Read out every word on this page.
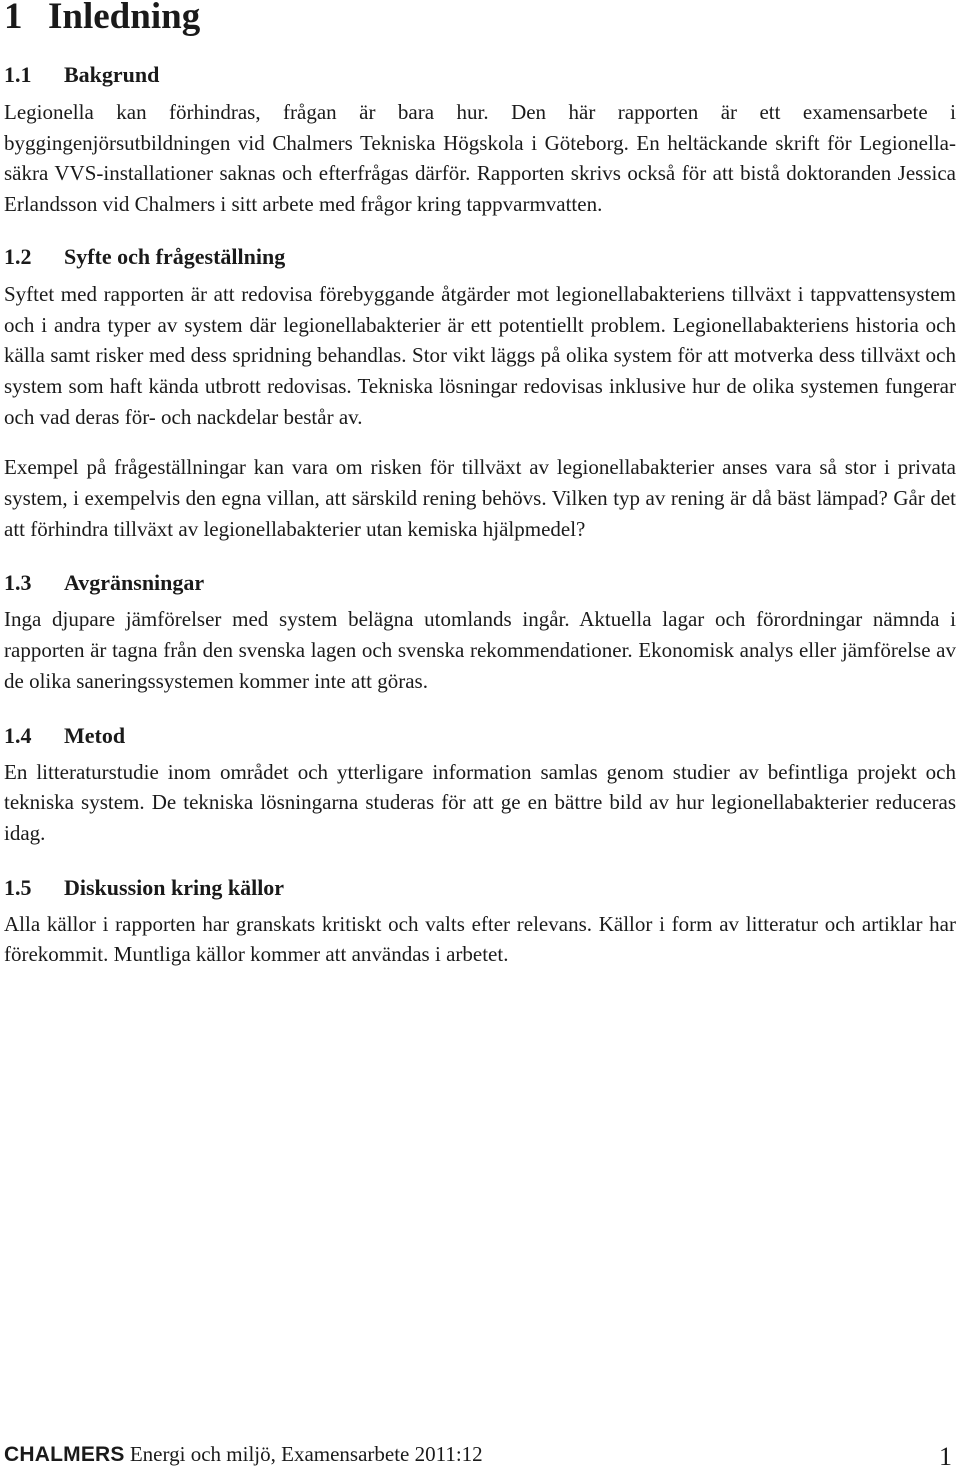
1 Inledning
1.1 Bakgrund

Legionella kan förhindras, frågan är bara hur. Den här rapporten är ett examensarbete i byggingenjörsutbildningen vid Chalmers Tekniska Högskola i Göteborg. En heltäckande skrift för Legionella-säkra VVS-installationer saknas och efterfrågas därför. Rapporten skrivs också för att bistå doktoranden Jessica Erlandsson vid Chalmers i sitt arbete med frågor kring tappvarmvatten.

1.2 Syfte och frågeställning

Syftet med rapporten är att redovisa förebyggande åtgärder mot legionellabakteriens tillväxt i tappvattensystem och i andra typer av system där legionellabakterier är ett potentiellt problem. Legionellabakteriens historia och källa samt risker med dess spridning behandlas. Stor vikt läggs på olika system för att motverka dess tillväxt och system som haft kända utbrott redovisas. Tekniska lösningar redovisas inklusive hur de olika systemen fungerar och vad deras för- och nackdelar består av.

Exempel på frågeställningar kan vara om risken för tillväxt av legionellabakterier anses vara så stor i privata system, i exempelvis den egna villan, att särskild rening behövs. Vilken typ av rening är då bäst lämpad? Går det att förhindra tillväxt av legionellabakterier utan kemiska hjälpmedel?

1.3 Avgränsningar

Inga djupare jämförelser med system belägna utomlands ingår. Aktuella lagar och förordningar nämnda i rapporten är tagna från den svenska lagen och svenska rekommendationer. Ekonomisk analys eller jämförelse av de olika saneringssystemen kommer inte att göras.

1.4 Metod

En litteraturstudie inom området och ytterligare information samlas genom studier av befintliga projekt och tekniska system. De tekniska lösningarna studeras för att ge en bättre bild av hur legionellabakterier reduceras idag.

1.5 Diskussion kring källor

Alla källor i rapporten har granskats kritiskt och valts efter relevans. Källor i form av litteratur och artiklar har förekommit. Muntliga källor kommer att användas i arbetet.

CHALMERS Energi och miljö, Examensarbete 2011:12	1
